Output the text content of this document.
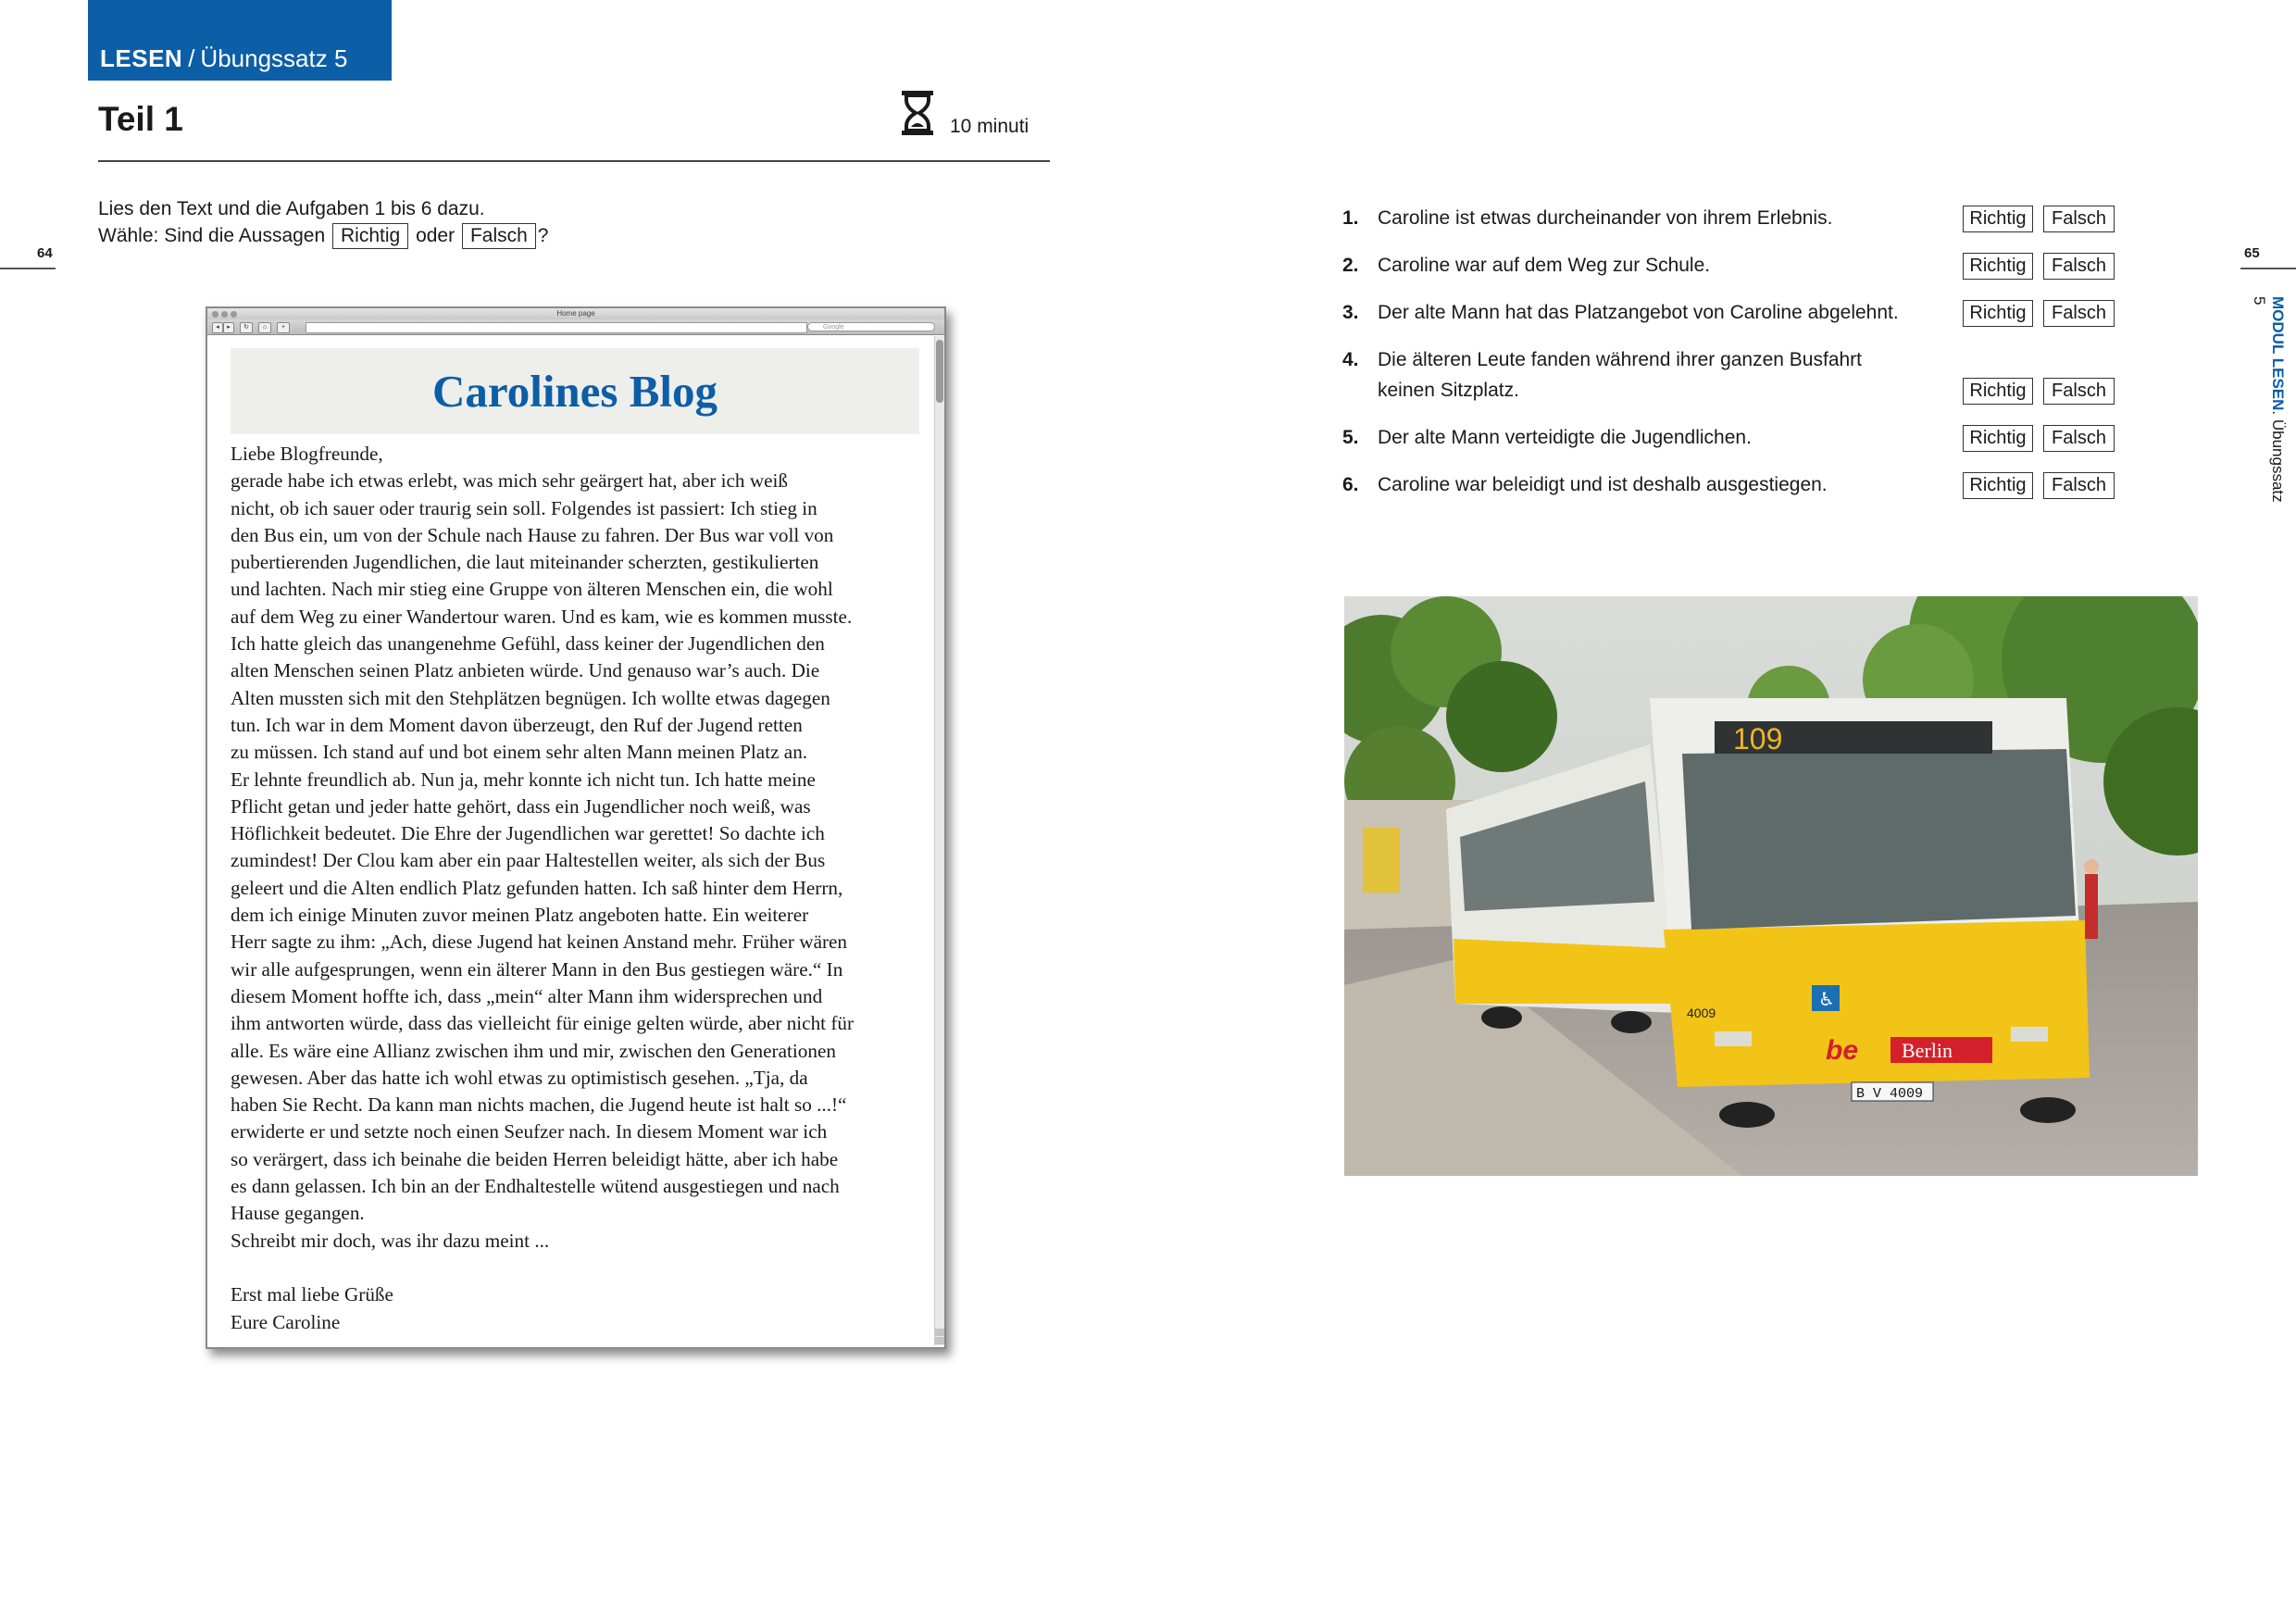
LESEN / Übungssatz 5
Teil 1	10 minuti
Lies den Text und die Aufgaben 1 bis 6 dazu.
Wähle: Sind die Aussagen Richtig oder Falsch ?
64	65
MODUL LESEN. Übungssatz 5
Home page
◂	▸	↻	⌂	+	Google
Carolines Blog
Liebe Blogfreunde,
gerade habe ich etwas erlebt, was mich sehr geärgert hat, aber ich weiß
nicht, ob ich sauer oder traurig sein soll. Folgendes ist passiert: Ich stieg in
den Bus ein, um von der Schule nach Hause zu fahren. Der Bus war voll von
pubertierenden Jugendlichen, die laut miteinander scherzten, gestikulierten
und lachten. Nach mir stieg eine Gruppe von älteren Menschen ein, die wohl
auf dem Weg zu einer Wandertour waren. Und es kam, wie es kommen musste.
Ich hatte gleich das unangenehme Gefühl, dass keiner der Jugendlichen den
alten Menschen seinen Platz anbieten würde. Und genauso war’s auch. Die
Alten mussten sich mit den Stehplätzen begnügen. Ich wollte etwas dagegen
tun. Ich war in dem Moment davon überzeugt, den Ruf der Jugend retten
zu müssen. Ich stand auf und bot einem sehr alten Mann meinen Platz an.
Er lehnte freundlich ab. Nun ja, mehr konnte ich nicht tun. Ich hatte meine
Pflicht getan und jeder hatte gehört, dass ein Jugendlicher noch weiß, was
Höflichkeit bedeutet. Die Ehre der Jugendlichen war gerettet! So dachte ich
zumindest! Der Clou kam aber ein paar Haltestellen weiter, als sich der Bus
geleert und die Alten endlich Platz gefunden hatten. Ich saß hinter dem Herrn,
dem ich einige Minuten zuvor meinen Platz angeboten hatte. Ein weiterer
Herr sagte zu ihm: „Ach, diese Jugend hat keinen Anstand mehr. Früher wären
wir alle aufgesprungen, wenn ein älterer Mann in den Bus gestiegen wäre.“ In
diesem Moment hoffte ich, dass „mein“ alter Mann ihm widersprechen und
ihm antworten würde, dass das vielleicht für einige gelten würde, aber nicht für
alle. Es wäre eine Allianz zwischen ihm und mir, zwischen den Generationen
gewesen. Aber das hatte ich wohl etwas zu optimistisch gesehen. „Tja, da
haben Sie Recht. Da kann man nichts machen, die Jugend heute ist halt so ...!“
erwiderte er und setzte noch einen Seufzer nach. In diesem Moment war ich
so verärgert, dass ich beinahe die beiden Herren beleidigt hätte, aber ich habe
es dann gelassen. Ich bin an der Endhaltestelle wütend ausgestiegen und nach
Hause gegangen.
Schreibt mir doch, was ihr dazu meint ...
Erst mal liebe Grüße
Eure Caroline
1. Caroline ist etwas durcheinander von ihrem Erlebnis.	Richtig	Falsch
2. Caroline war auf dem Weg zur Schule.	Richtig	Falsch
3. Der alte Mann hat das Platzangebot von Caroline abgelehnt.	Richtig	Falsch
4. Die älteren Leute fanden während ihrer ganzen Busfahrt
keinen Sitzplatz.	Richtig	Falsch
5. Der alte Mann verteidigte die Jugendlichen.	Richtig	Falsch
6. Caroline war beleidigt und ist deshalb ausgestiegen.	Richtig	Falsch
109
4009
♿
be Berlin
B V 4009
